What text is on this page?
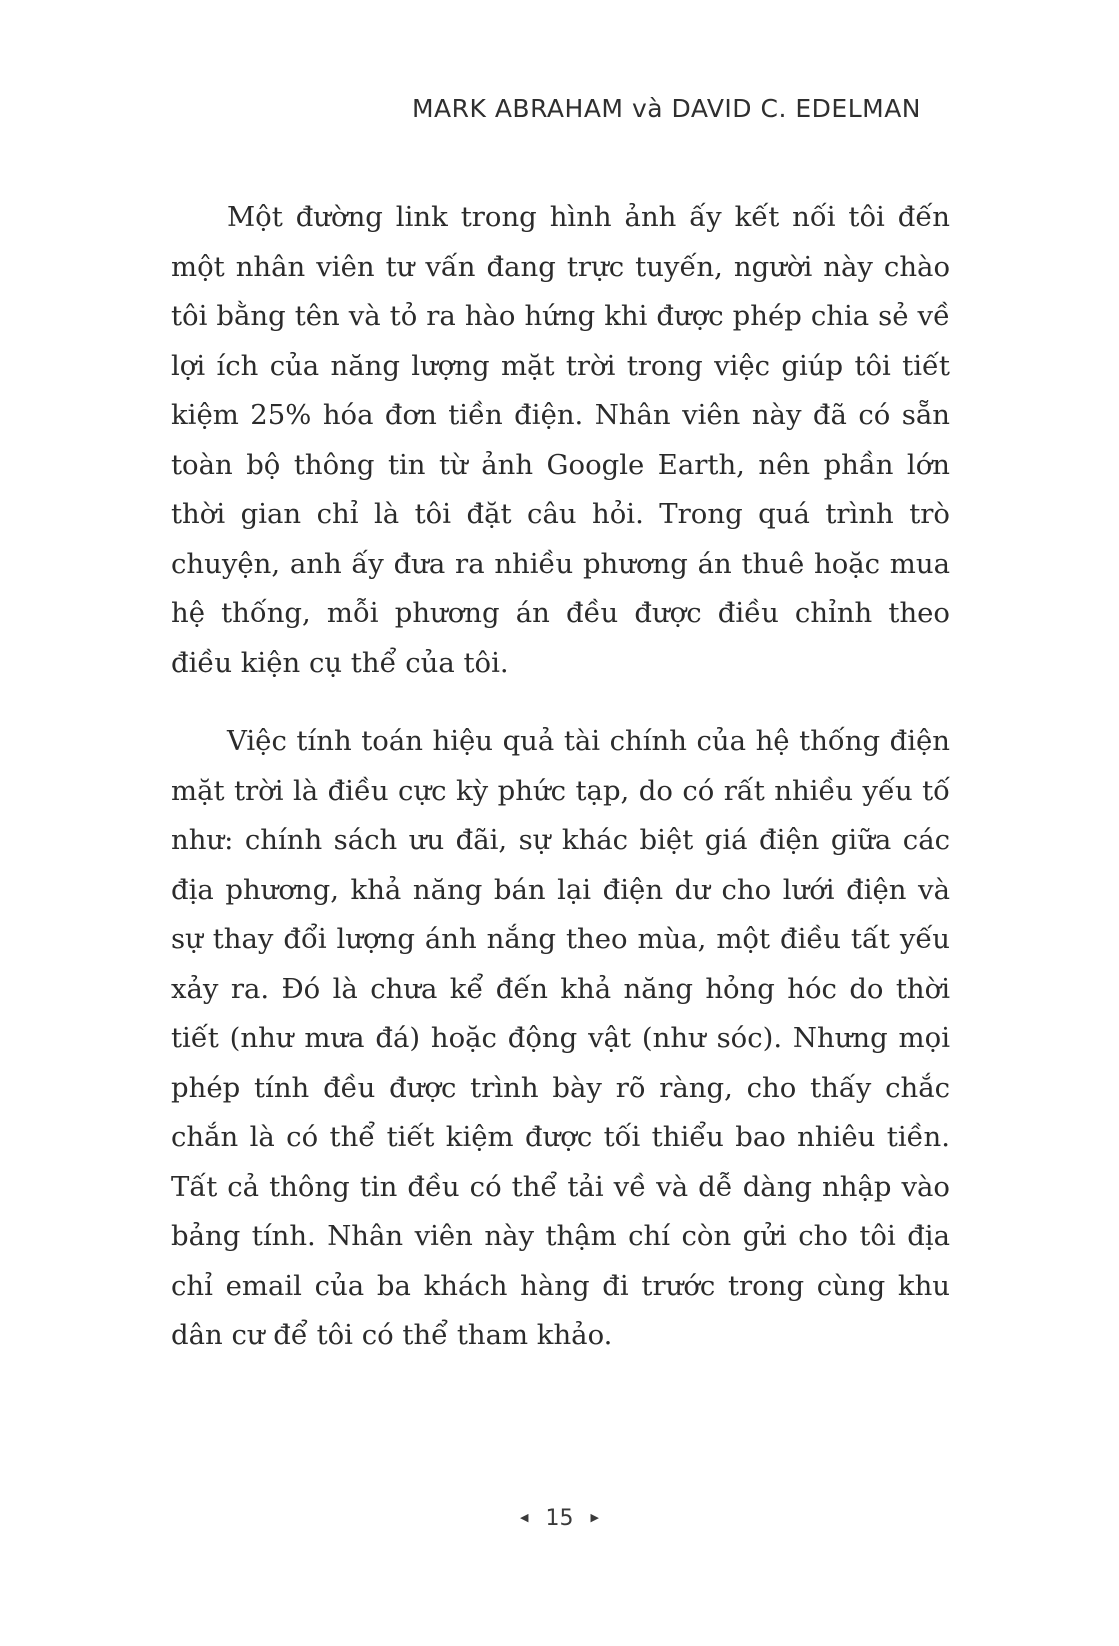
MARK ABRAHAM và DAVID C. EDELMAN

Một đường link trong hình ảnh ấy kết nối tôi đến một nhân viên tư vấn đang trực tuyến, người này chào tôi bằng tên và tỏ ra hào hứng khi được phép chia sẻ về lợi ích của năng lượng mặt trời trong việc giúp tôi tiết kiệm 25% hóa đơn tiền điện. Nhân viên này đã có sẵn toàn bộ thông tin từ ảnh Google Earth, nên phần lớn thời gian chỉ là tôi đặt câu hỏi. Trong quá trình trò chuyện, anh ấy đưa ra nhiều phương án thuê hoặc mua hệ thống, mỗi phương án đều được điều chỉnh theo điều kiện cụ thể của tôi.

Việc tính toán hiệu quả tài chính của hệ thống điện mặt trời là điều cực kỳ phức tạp, do có rất nhiều yếu tố như: chính sách ưu đãi, sự khác biệt giá điện giữa các địa phương, khả năng bán lại điện dư cho lưới điện và sự thay đổi lượng ánh nắng theo mùa, một điều tất yếu xảy ra. Đó là chưa kể đến khả năng hỏng hóc do thời tiết (như mưa đá) hoặc động vật (như sóc). Nhưng mọi phép tính đều được trình bày rõ ràng, cho thấy chắc chắn là có thể tiết kiệm được tối thiểu bao nhiêu tiền. Tất cả thông tin đều có thể tải về và dễ dàng nhập vào bảng tính. Nhân viên này thậm chí còn gửi cho tôi địa chỉ email của ba khách hàng đi trước trong cùng khu dân cư để tôi có thể tham khảo.

◀ 15 ▶
